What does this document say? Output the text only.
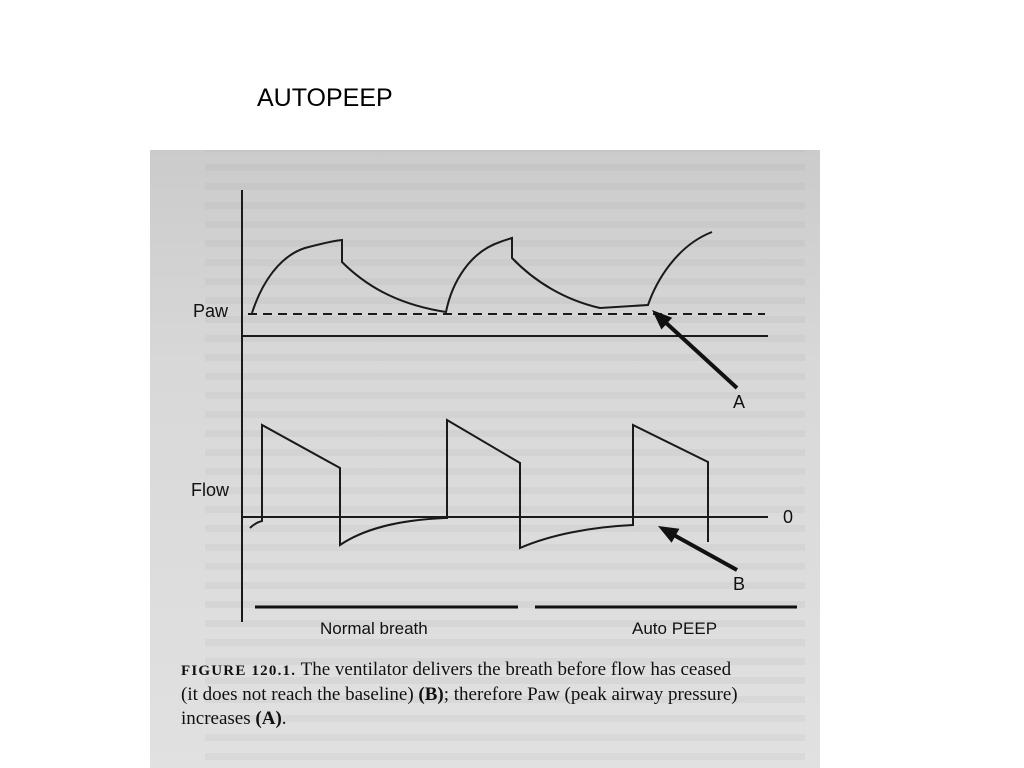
AUTOPEEP
Paw
Flow
0
A
B
Normal breath	Auto PEEP
FIGURE 120.1. The ventilator delivers the breath before flow has ceased
(it does not reach the baseline) (B); therefore Paw (peak airway pressure)
increases (A).
